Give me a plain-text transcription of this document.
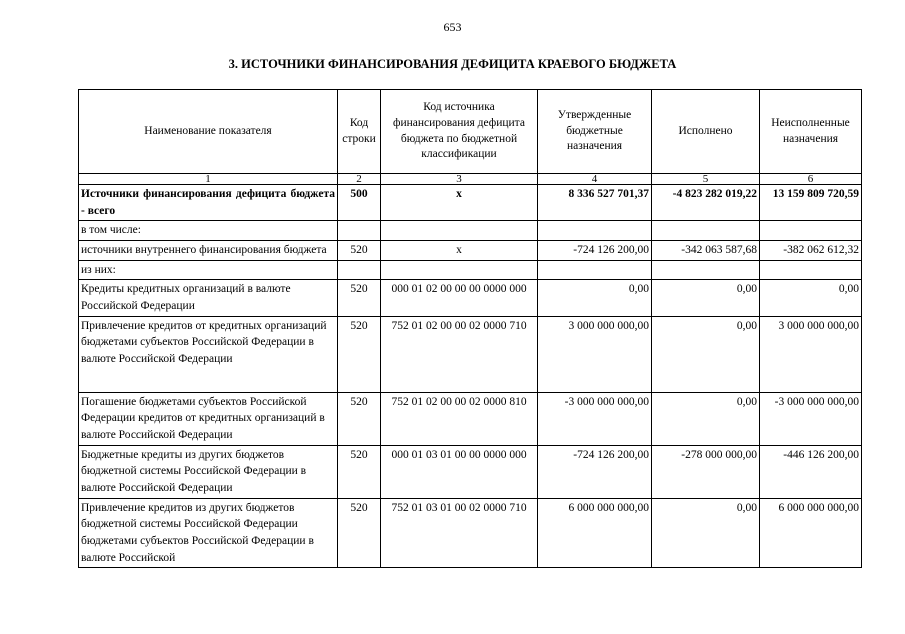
653
3. ИСТОЧНИКИ ФИНАНСИРОВАНИЯ ДЕФИЦИТА КРАЕВОГО БЮДЖЕТА
Наименование показателя	Код строки	Код источника финансирования дефицита бюджета по бюджетной классификации	Утвержденные бюджетные назначения	Исполнено	Неисполненные назначения
1	2	3	4	5	6
Источники финансирования дефицита бюджета - всего	500	x	8 336 527 701,37	-4 823 282 019,22	13 159 809 720,59
в том числе:					
источники внутреннего финансирования бюджета	520	x	-724 126 200,00	-342 063 587,68	-382 062 612,32
из них:					
Кредиты кредитных организаций в валюте Российской Федерации	520	000 01 02 00 00 00 0000 000	0,00	0,00	0,00
Привлечение кредитов от кредитных организаций бюджетами субъектов Российской Федерации в валюте Российской Федерации	520	752 01 02 00 00 02 0000 710	3 000 000 000,00	0,00	3 000 000 000,00
Погашение бюджетами субъектов Российской Федерации кредитов от кредитных организаций в валюте Российской Федерации	520	752 01 02 00 00 02 0000 810	-3 000 000 000,00	0,00	-3 000 000 000,00
Бюджетные кредиты из других бюджетов бюджетной системы Российской Федерации в валюте Российской Федерации	520	000 01 03 01 00 00 0000 000	-724 126 200,00	-278 000 000,00	-446 126 200,00
Привлечение кредитов из других бюджетов бюджетной системы Российской Федерации бюджетами субъектов Российской Федерации в валюте Российской	520	752 01 03 01 00 02 0000 710	6 000 000 000,00	0,00	6 000 000 000,00
